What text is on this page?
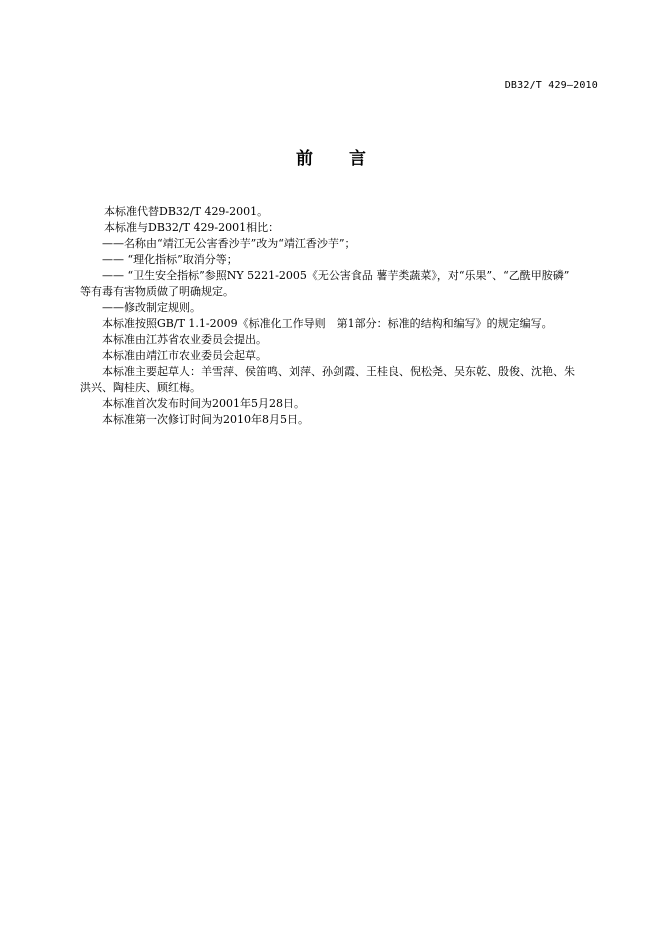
DB32/T 429—2010
前言

本标准代替DB32/T 429-2001。

本标准与DB32/T 429-2001相比：

——名称由“靖江无公害香沙芋”改为“靖江香沙芋”；

—— “理化指标”取消分等；

—— “卫生安全指标”参照NY 5221-2005《无公害食品 薯芋类蔬菜》，对“乐果”、“乙酰甲胺磷”

等有毒有害物质做了明确规定。

——修改制定规则。

本标准按照GB/T 1.1-2009《标准化工作导则　第1部分：标准的结构和编写》的规定编写。

本标准由江苏省农业委员会提出。

本标准由靖江市农业委员会起草。

本标准主要起草人：羊雪萍、侯笛鸣、刘萍、孙剑霞、王桂良、倪松尧、吴东乾、殷俊、沈艳、朱

洪兴、陶桂庆、顾红梅。

本标准首次发布时间为2001年5月28日。

本标准第一次修订时间为2010年8月5日。
